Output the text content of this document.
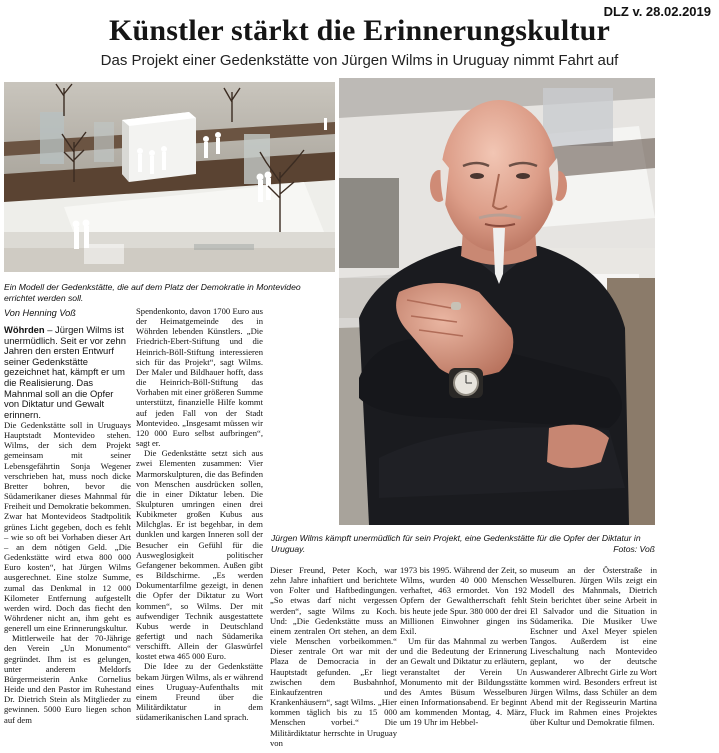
DLZ v. 28.02.2019
Künstler stärkt die Erinnerungskultur
Das Projekt einer Gedenkstätte von Jürgen Wilms in Uruguay nimmt Fahrt auf
Ein Modell der Gedenkstätte, die auf dem Platz der Demokratie in Montevideo errichtet werden soll.
Jürgen Wilms kämpft unermüdlich für sein Projekt, eine Gedenkstätte für die Opfer der Diktatur in Uruguay.	Fotos: Voß
Von Henning Voß

Wöhrden – Jürgen Wilms ist unermüdlich. Seit er vor zehn Jahren den ersten Entwurf seiner Gedenkstätte gezeichnet hat, kämpft er um die Realisierung. Das Mahnmal soll an die Opfer von Diktatur und Gewalt erinnern.

Die Gedenkstätte soll in Uruguays Hauptstadt Montevideo stehen. Wilms, der sich dem Projekt gemeinsam mit seiner Lebensgefährtin Sonja Wegener verschrieben hat, muss noch dicke Bretter bohren, bevor die Südamerikaner dieses Mahnmal für Freiheit und Demokratie bekommen. Zwar hat Montevideos Stadtpolitik grünes Licht gegeben, doch es fehlt – wie so oft bei Vorhaben dieser Art – an dem nötigen Geld. „Die Gedenkstätte wird etwa 800 000 Euro kosten“, hat Jürgen Wilms ausgerechnet. Eine stolze Summe, zumal das Denkmal in 12 000 Kilometer Entfernung aufgestellt werden wird. Doch das fiecht den Wöhrdener nicht an, ihm geht es generell um eine Erinnerungskultur.

Mittlerweile hat der 70-Jährige den Verein „Un Monumento“ gegründet. Ihm ist es gelungen, unter anderem Meldorfs Bürgermeisterin Anke Cornelius Heide und den Pastor im Ruhestand Dr. Dietrich Stein als Mitglieder zu gewinnen. 5000 Euro liegen schon auf dem

Spendenkonto, davon 1700 Euro aus der Heimatgemeinde des in Wöhrden lebenden Künstlers. „Die Friedrich-Ebert-Stiftung und die Heinrich-Böll-Stiftung interessieren sich für das Projekt“, sagt Wilms. Der Maler und Bildhauer hofft, dass die Heinrich-Böll-Stiftung das Vorhaben mit einer größeren Summe unterstützt, finanzielle Hilfe kommt auf jeden Fall von der Stadt Montevideo. „Insgesamt müssen wir 120 000 Euro selbst aufbringen“, sagt er.

Die Gedenkstätte setzt sich aus zwei Elementen zusammen: Vier Marmorskulpturen, die das Befinden von Menschen ausdrücken sollen, die in einer Diktatur leben. Die Skulpturen umringen einen drei Kubikmeter großen Kubus aus Milchglas. Er ist begehbar, in dem dunklen und kargen Inneren soll der Besucher ein Gefühl für die Ausweglosigkeit politischer Gefangener bekommen. Außen gibt es Bildschirme. „Es werden Dokumentarfilme gezeigt, in denen die Opfer der Diktatur zu Wort kommen“, so Wilms. Der mit aufwendiger Technik ausgestattete Kubus werde in Deutschland gefertigt und nach Südamerika verschifft. Allein der Glaswürfel kostet etwa 465 000 Euro.

Die Idee zu der Gedenkstätte bekam Jürgen Wilms, als er während eines Uruguay-Aufenthalts mit einem Freund über die Militärdiktatur in dem südamerikanischen Land sprach.

Dieser Freund, Peter Koch, war zehn Jahre inhaftiert und berichtete von Folter und Haftbedingungen. „So etwas darf nicht vergessen werden“, sagte Wilms zu Koch. Und: „Die Gedenkstätte muss an einem zentralen Ort stehen, an dem viele Menschen vorbeikommen.“ Dieser zentrale Ort war mit der Plaza de Democracia in der Hauptstadt gefunden. „Er liegt zwischen dem Busbahnhof, Einkaufzentren und Krankenhäusern“, sagt Wilms. „Hier kommen täglich bis zu 15 000 Menschen vorbei.“ Die Militärdiktatur herrschte in Uruguay von

1973 bis 1995. Während der Zeit, so Wilms, wurden 40 000 Menschen verhaftet, 463 ermordet. Von 192 Opfern der Gewaltherrschaft fehlt bis heute jede Spur. 380 000 der drei Millionen Einwohner gingen ins Exil.

Um für das Mahnmal zu werben und die Bedeutung der Erinnerung an Gewalt und Diktatur zu erläutern, veranstaltet der Verein Un Monumento mit der Bildungsstätte des Amtes Büsum Wesselburen einen Informationsabend. Er beginnt am kommenden Montag, 4. März, um 19 Uhr im Hebbel-

museum an der Österstraße in Wesselburen. Jürgen Wils zeigt ein Modell des Mahnmals, Dietrich Stein berichtet über seine Arbeit in El Salvador und die Situation in Südamerika. Die Musiker Uwe Eschner und Axel Meyer spielen Tangos. Außerdem ist eine Liveschaltung nach Montevideo geplant, wo der deutsche Auswanderer Albrecht Girle zu Wort kommen wird. Besonders erfreut ist Jürgen Wilms, dass Schüler an dem Abend mit der Regisseurin Martina Fluck im Rahmen eines Projektes über Kultur und Demokratie filmen.
